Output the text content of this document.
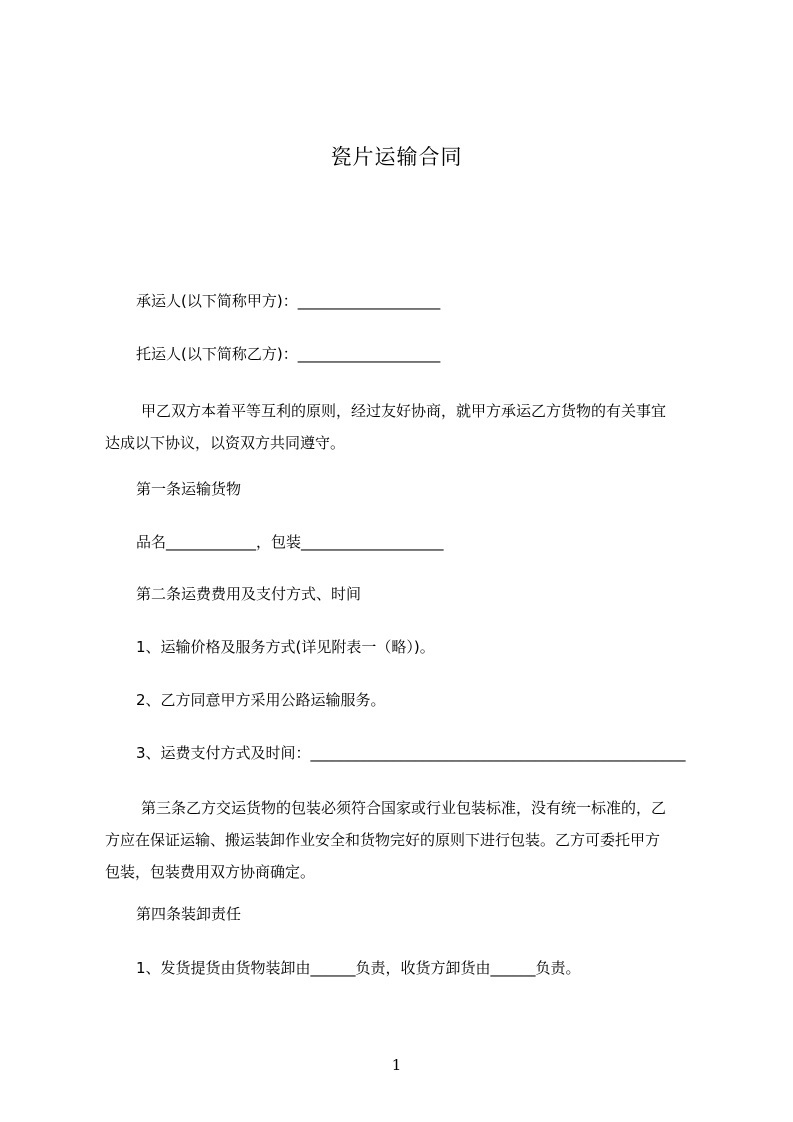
瓷片运输合同
承运人(以下简称甲方)：___________________
托运人(以下简称乙方)：___________________
甲乙双方本着平等互利的原则，经过友好协商，就甲方承运乙方货物的有关事宜
达成以下协议，以资双方共同遵守。
第一条运输货物
品名____________，包装___________________
第二条运费费用及支付方式、时间
1、运输价格及服务方式(详见附表一（略）)。
2、乙方同意甲方采用公路运输服务。
3、运费支付方式及时间：__________________________________________________
第三条乙方交运货物的包装必须符合国家或行业包装标准，没有统一标准的，乙
方应在保证运输、搬运装卸作业安全和货物完好的原则下进行包装。乙方可委托甲方
包装，包装费用双方协商确定。
第四条装卸责任
1、发货提货由货物装卸由______负责，收货方卸货由______负责。
1
